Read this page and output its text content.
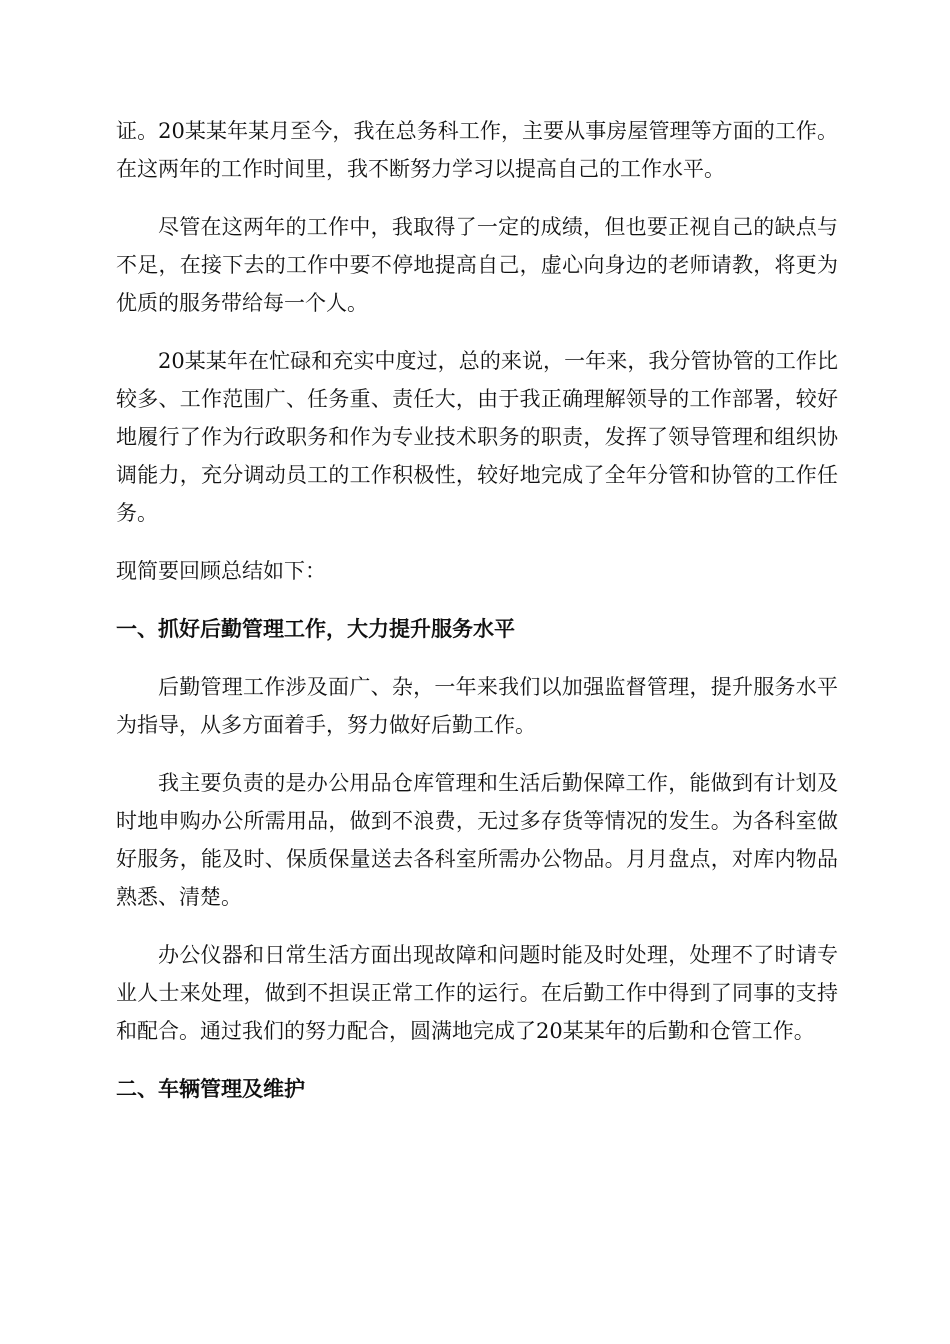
证。20某某年某月至今，我在总务科工作，主要从事房屋管理等方面的工作。在这两年的工作时间里，我不断努力学习以提高自己的工作水平。

尽管在这两年的工作中，我取得了一定的成绩，但也要正视自己的缺点与不足，在接下去的工作中要不停地提高自己，虚心向身边的老师请教，将更为优质的服务带给每一个人。

20某某年在忙碌和充实中度过，总的来说，一年来，我分管协管的工作比较多、工作范围广、任务重、责任大，由于我正确理解领导的工作部署，较好地履行了作为行政职务和作为专业技术职务的职责，发挥了领导管理和组织协调能力，充分调动员工的工作积极性，较好地完成了全年分管和协管的工作任务。

现简要回顾总结如下：

一、抓好后勤管理工作，大力提升服务水平

后勤管理工作涉及面广、杂，一年来我们以加强监督管理，提升服务水平为指导，从多方面着手，努力做好后勤工作。

我主要负责的是办公用品仓库管理和生活后勤保障工作，能做到有计划及时地申购办公所需用品，做到不浪费，无过多存货等情况的发生。为各科室做好服务，能及时、保质保量送去各科室所需办公物品。月月盘点，对库内物品熟悉、清楚。

办公仪器和日常生活方面出现故障和问题时能及时处理，处理不了时请专业人士来处理，做到不担误正常工作的运行。在后勤工作中得到了同事的支持和配合。通过我们的努力配合，圆满地完成了20某某年的后勤和仓管工作。

二、车辆管理及维护
